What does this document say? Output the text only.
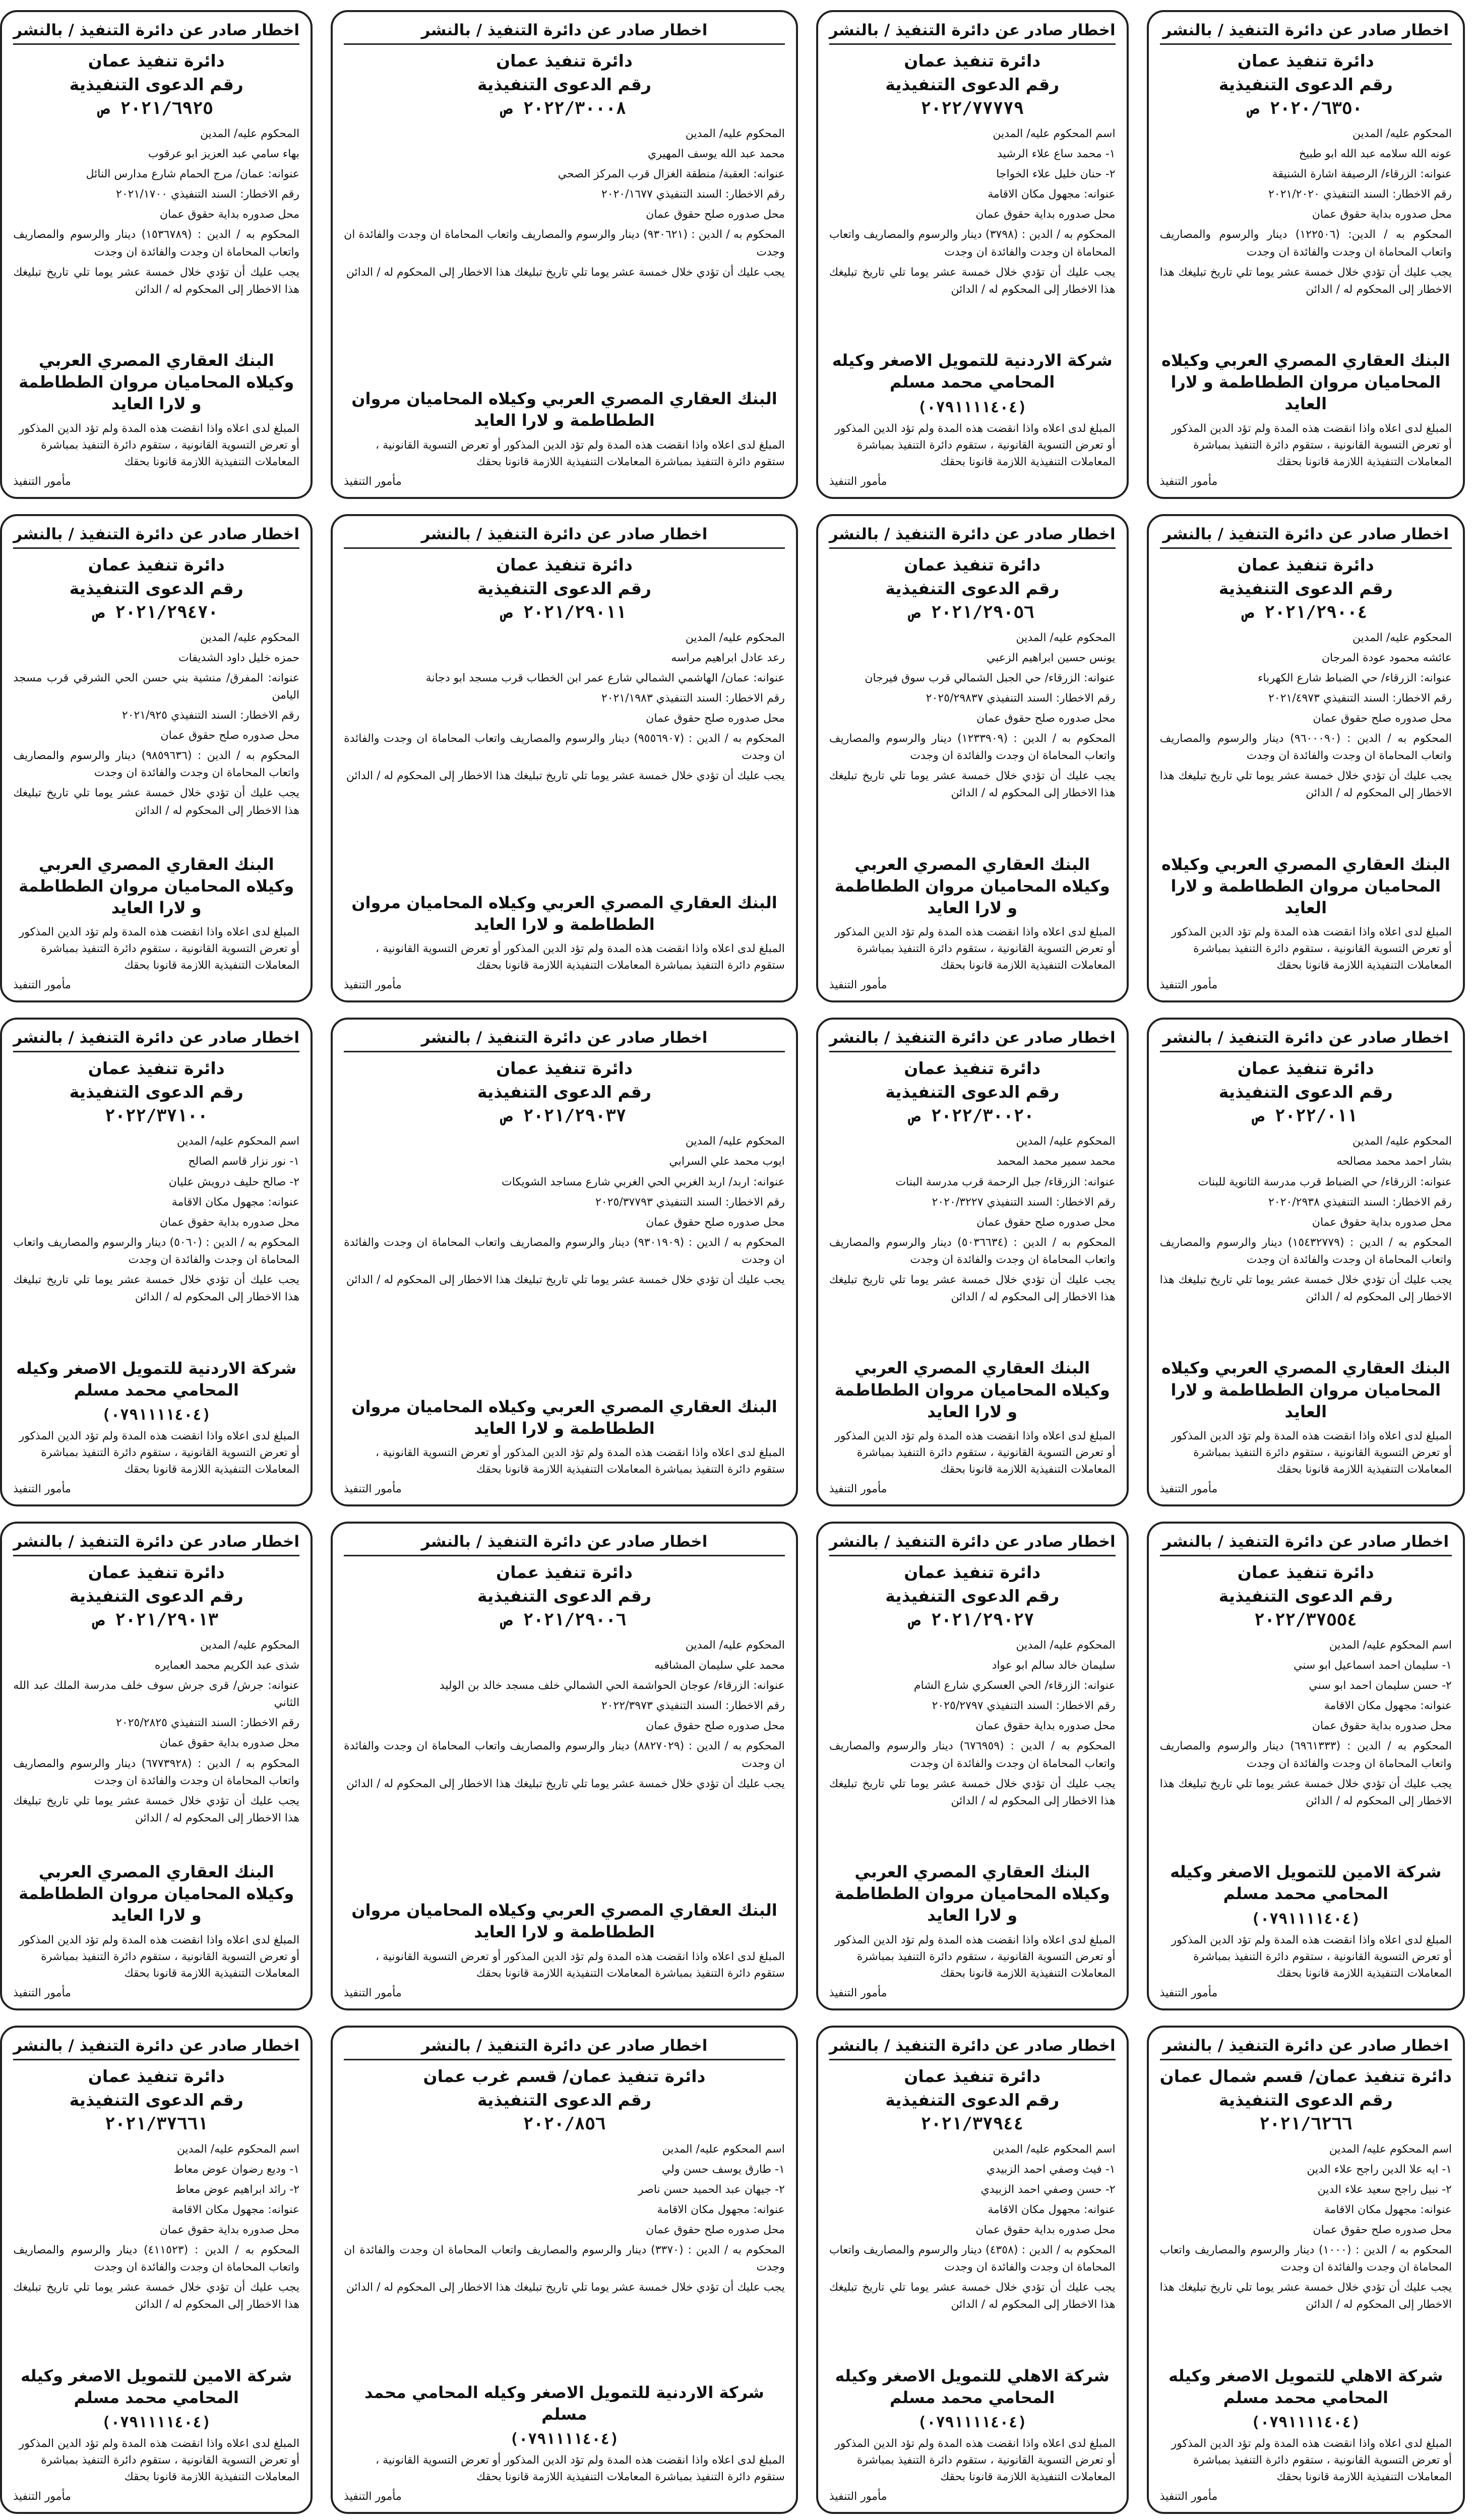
اخطار صادر عن دائرة التنفيذ / بالنشر
دائرة تنفيذ عمان
رقم الدعوى التنفيذية
٢٠٢٠/٦٣٥٠ ص

المحكوم عليه/ المدين

عونه الله سلامه عبد الله ابو طبيخ

عنوانه: الزرقاء/ الرصيفة اشارة الشنيقة

رقم الاخطار: السند التنفيذي ٢٠٢١/٢٠٢٠

محل صدوره بداية حقوق عمان

المحكوم به / الدين: (١٢٢٥٠٦) دينار والرسوم والمصاريف واتعاب المحاماة ان وجدت والفائدة ان وجدت

يجب عليك أن تؤدي خلال خمسة عشر يوما تلي تاريخ تبليغك هذا الاخطار إلى المحكوم له / الدائن

البنك العقاري المصري العربي وكيلاه المحاميان مروان الططاطمة و لارا العايد
المبلغ لدى اعلاه واذا انقضت هذه المدة ولم تؤد الدين المذكور أو تعرض التسوية القانونية ، ستقوم دائرة التنفيذ بمباشرة المعاملات التنفيذية اللازمة قانونا بحقك
مأمور التنفيذ
اخطار صادر عن دائرة التنفيذ / بالنشر
دائرة تنفيذ عمان
رقم الدعوى التنفيذية
٢٠٢٢/٧٧٧٧٩

اسم المحكوم عليه/ المدين

١- محمد ساع علاء الرشيد

٢- حنان خليل علاء الخواجا

عنوانه: مجهول مكان الاقامة

محل صدوره بداية حقوق عمان

المحكوم به / الدين : (٣٧٩٨) دينار والرسوم والمصاريف واتعاب المحاماة ان وجدت والفائدة ان وجدت

يجب عليك أن تؤدي خلال خمسة عشر يوما تلي تاريخ تبليغك هذا الاخطار إلى المحكوم له / الدائن

شركة الاردنية للتمويل الاصغر وكيله المحامي محمد مسلم
(٠٧٩١١١١٤٠٤)
المبلغ لدى اعلاه واذا انقضت هذه المدة ولم تؤد الدين المذكور أو تعرض التسوية القانونية ، ستقوم دائرة التنفيذ بمباشرة المعاملات التنفيذية اللازمة قانونا بحقك
مأمور التنفيذ
اخطار صادر عن دائرة التنفيذ / بالنشر
دائرة تنفيذ عمان
رقم الدعوى التنفيذية
٢٠٢٢/٣٠٠٠٨ ص

المحكوم عليه/ المدين

محمد عبد الله يوسف المهيري

عنوانه: العقبة/ منطقة الغزال قرب المركز الصحي

رقم الاخطار: السند التنفيذي ٢٠٢٠/١٦٧٧

محل صدوره صلح حقوق عمان

المحكوم به / الدين : (٩٣٠٦٢١) دينار والرسوم والمصاريف واتعاب المحاماة ان وجدت والفائدة ان وجدت

يجب عليك أن تؤدي خلال خمسة عشر يوما تلي تاريخ تبليغك هذا الاخطار إلى المحكوم له / الدائن

البنك العقاري المصري العربي وكيلاه المحاميان مروان الططاطمة و لارا العايد
المبلغ لدى اعلاه واذا انقضت هذه المدة ولم تؤد الدين المذكور أو تعرض التسوية القانونية ، ستقوم دائرة التنفيذ بمباشرة المعاملات التنفيذية اللازمة قانونا بحقك
مأمور التنفيذ
اخطار صادر عن دائرة التنفيذ / بالنشر
دائرة تنفيذ عمان
رقم الدعوى التنفيذية
٢٠٢١/٦٩٢٥ ص

المحكوم عليه/ المدين

بهاء سامي عبد العزيز ابو عرقوب

عنوانه: عمان/ مرج الحمام شارع مدارس النائل

رقم الاخطار: السند التنفيذي ٢٠٢١/١٧٠٠

محل صدوره بداية حقوق عمان

المحكوم به / الدين : (١٥٣٦٧٨٩) دينار والرسوم والمصاريف واتعاب المحاماة ان وجدت والفائدة ان وجدت

يجب عليك أن تؤدي خلال خمسة عشر يوما تلي تاريخ تبليغك هذا الاخطار إلى المحكوم له / الدائن

البنك العقاري المصري العربي وكيلاه المحاميان مروان الططاطمة و لارا العايد
المبلغ لدى اعلاه واذا انقضت هذه المدة ولم تؤد الدين المذكور أو تعرض التسوية القانونية ، ستقوم دائرة التنفيذ بمباشرة المعاملات التنفيذية اللازمة قانونا بحقك
مأمور التنفيذ
اخطار صادر عن دائرة التنفيذ / بالنشر
دائرة تنفيذ عمان
رقم الدعوى التنفيذية
٢٠٢١/٢٩٠٠٤ ص

المحكوم عليه/ المدين

عائشه محمود عودة المرجان

عنوانه: الزرقاء/ حي الضباط شارع الكهرباء

رقم الاخطار: السند التنفيذي ٢٠٢١/٤٩٧٣

محل صدوره صلح حقوق عمان

المحكوم به / الدين : (٩٦٠٠٠٩٠) دينار والرسوم والمصاريف واتعاب المحاماة ان وجدت والفائدة ان وجدت

يجب عليك أن تؤدي خلال خمسة عشر يوما تلي تاريخ تبليغك هذا الاخطار إلى المحكوم له / الدائن

البنك العقاري المصري العربي وكيلاه المحاميان مروان الططاطمة و لارا العايد
المبلغ لدى اعلاه واذا انقضت هذه المدة ولم تؤد الدين المذكور أو تعرض التسوية القانونية ، ستقوم دائرة التنفيذ بمباشرة المعاملات التنفيذية اللازمة قانونا بحقك
مأمور التنفيذ
اخطار صادر عن دائرة التنفيذ / بالنشر
دائرة تنفيذ عمان
رقم الدعوى التنفيذية
٢٠٢١/٢٩٠٥٦ ص

المحكوم عليه/ المدين

يونس حسين ابراهيم الزعبي

عنوانه: الزرقاء/ حي الجبل الشمالي قرب سوق فيرجان

رقم الاخطار: السند التنفيذي ٢٠٢٥/٢٩٨٣٧

محل صدوره صلح حقوق عمان

المحكوم به / الدين : (١٢٣٣٩٠٩) دينار والرسوم والمصاريف واتعاب المحاماة ان وجدت والفائدة ان وجدت

يجب عليك أن تؤدي خلال خمسة عشر يوما تلي تاريخ تبليغك هذا الاخطار إلى المحكوم له / الدائن

البنك العقاري المصري العربي وكيلاه المحاميان مروان الططاطمة و لارا العايد
المبلغ لدى اعلاه واذا انقضت هذه المدة ولم تؤد الدين المذكور أو تعرض التسوية القانونية ، ستقوم دائرة التنفيذ بمباشرة المعاملات التنفيذية اللازمة قانونا بحقك
مأمور التنفيذ
اخطار صادر عن دائرة التنفيذ / بالنشر
دائرة تنفيذ عمان
رقم الدعوى التنفيذية
٢٠٢١/٢٩٠١١ ص

المحكوم عليه/ المدين

رعد عادل ابراهيم مراسه

عنوانه: عمان/ الهاشمي الشمالي شارع عمر ابن الخطاب قرب مسجد ابو دجانة

رقم الاخطار: السند التنفيذي ٢٠٢١/١٩٨٣

محل صدوره صلح حقوق عمان

المحكوم به / الدين : (٩٥٥٦٩٠٧) دينار والرسوم والمصاريف واتعاب المحاماة ان وجدت والفائدة ان وجدت

يجب عليك أن تؤدي خلال خمسة عشر يوما تلي تاريخ تبليغك هذا الاخطار إلى المحكوم له / الدائن

البنك العقاري المصري العربي وكيلاه المحاميان مروان الططاطمة و لارا العايد
المبلغ لدى اعلاه واذا انقضت هذه المدة ولم تؤد الدين المذكور أو تعرض التسوية القانونية ، ستقوم دائرة التنفيذ بمباشرة المعاملات التنفيذية اللازمة قانونا بحقك
مأمور التنفيذ
اخطار صادر عن دائرة التنفيذ / بالنشر
دائرة تنفيذ عمان
رقم الدعوى التنفيذية
٢٠٢١/٢٩٤٧٠ ص

المحكوم عليه/ المدين

حمزه خليل داود الشديفات

عنوانه: المفرق/ منشية بني حسن الحي الشرقي قرب مسجد اليامن

رقم الاخطار: السند التنفيذي ٢٠٢١/٩٢٥

محل صدوره صلح حقوق عمان

المحكوم به / الدين : (٩٨٥٩٦٣٦) دينار والرسوم والمصاريف واتعاب المحاماة ان وجدت والفائدة ان وجدت

يجب عليك أن تؤدي خلال خمسة عشر يوما تلي تاريخ تبليغك هذا الاخطار إلى المحكوم له / الدائن

البنك العقاري المصري العربي وكيلاه المحاميان مروان الططاطمة و لارا العايد
المبلغ لدى اعلاه واذا انقضت هذه المدة ولم تؤد الدين المذكور أو تعرض التسوية القانونية ، ستقوم دائرة التنفيذ بمباشرة المعاملات التنفيذية اللازمة قانونا بحقك
مأمور التنفيذ
اخطار صادر عن دائرة التنفيذ / بالنشر
دائرة تنفيذ عمان
رقم الدعوى التنفيذية
٢٠٢٢/٠١١ ص

المحكوم عليه/ المدين

بشار احمد محمد مصالحه

عنوانه: الزرقاء/ حي الضباط قرب مدرسة الثانوية للبنات

رقم الاخطار: السند التنفيذي ٢٠٢٠/٢٩٣٨

محل صدوره بداية حقوق عمان

المحكوم به / الدين : (١٥٤٣٢٧٧٩) دينار والرسوم والمصاريف واتعاب المحاماة ان وجدت والفائدة ان وجدت

يجب عليك أن تؤدي خلال خمسة عشر يوما تلي تاريخ تبليغك هذا الاخطار إلى المحكوم له / الدائن

البنك العقاري المصري العربي وكيلاه المحاميان مروان الططاطمة و لارا العايد
المبلغ لدى اعلاه واذا انقضت هذه المدة ولم تؤد الدين المذكور أو تعرض التسوية القانونية ، ستقوم دائرة التنفيذ بمباشرة المعاملات التنفيذية اللازمة قانونا بحقك
مأمور التنفيذ
اخطار صادر عن دائرة التنفيذ / بالنشر
دائرة تنفيذ عمان
رقم الدعوى التنفيذية
٢٠٢٢/٣٠٠٢٠ ص

المحكوم عليه/ المدين

محمد سمير محمد المحمد

عنوانه: الزرقاء/ جبل الرحمة قرب مدرسة البنات

رقم الاخطار: السند التنفيذي ٢٠٢٠/٣٢٢٧

محل صدوره صلح حقوق عمان

المحكوم به / الدين : (٥٠٣٦٦٣٤) دينار والرسوم والمصاريف واتعاب المحاماة ان وجدت والفائدة ان وجدت

يجب عليك أن تؤدي خلال خمسة عشر يوما تلي تاريخ تبليغك هذا الاخطار إلى المحكوم له / الدائن

البنك العقاري المصري العربي وكيلاه المحاميان مروان الططاطمة و لارا العايد
المبلغ لدى اعلاه واذا انقضت هذه المدة ولم تؤد الدين المذكور أو تعرض التسوية القانونية ، ستقوم دائرة التنفيذ بمباشرة المعاملات التنفيذية اللازمة قانونا بحقك
مأمور التنفيذ
اخطار صادر عن دائرة التنفيذ / بالنشر
دائرة تنفيذ عمان
رقم الدعوى التنفيذية
٢٠٢١/٢٩٠٣٧ ص

المحكوم عليه/ المدين

ايوب محمد علي السرابي

عنوانه: اربد/ اربد الغربي الحي الغربي شارع مساجد الشويكات

رقم الاخطار: السند التنفيذي ٢٠٢٥/٣٧٧٩٣

محل صدوره صلح حقوق عمان

المحكوم به / الدين : (٩٣٠١٩٠٩) دينار والرسوم والمصاريف واتعاب المحاماة ان وجدت والفائدة ان وجدت

يجب عليك أن تؤدي خلال خمسة عشر يوما تلي تاريخ تبليغك هذا الاخطار إلى المحكوم له / الدائن

البنك العقاري المصري العربي وكيلاه المحاميان مروان الططاطمة و لارا العايد
المبلغ لدى اعلاه واذا انقضت هذه المدة ولم تؤد الدين المذكور أو تعرض التسوية القانونية ، ستقوم دائرة التنفيذ بمباشرة المعاملات التنفيذية اللازمة قانونا بحقك
مأمور التنفيذ
اخطار صادر عن دائرة التنفيذ / بالنشر
دائرة تنفيذ عمان
رقم الدعوى التنفيذية
٢٠٢٢/٣٧١٠٠

اسم المحكوم عليه/ المدين

١- نور نزار قاسم الصالح

٢- صالح حليف درويش عليان

عنوانه: مجهول مكان الاقامة

محل صدوره بداية حقوق عمان

المحكوم به / الدين : (٥٠٦٠) دينار والرسوم والمصاريف واتعاب المحاماة ان وجدت والفائدة ان وجدت

يجب عليك أن تؤدي خلال خمسة عشر يوما تلي تاريخ تبليغك هذا الاخطار إلى المحكوم له / الدائن

شركة الاردنية للتمويل الاصغر وكيله المحامي محمد مسلم
(٠٧٩١١١١٤٠٤)
المبلغ لدى اعلاه واذا انقضت هذه المدة ولم تؤد الدين المذكور أو تعرض التسوية القانونية ، ستقوم دائرة التنفيذ بمباشرة المعاملات التنفيذية اللازمة قانونا بحقك
مأمور التنفيذ
اخطار صادر عن دائرة التنفيذ / بالنشر
دائرة تنفيذ عمان
رقم الدعوى التنفيذية
٢٠٢٢/٣٧٥٥٤

اسم المحكوم عليه/ المدين

١- سليمان احمد اسماعيل ابو سني

٢- حسن سليمان احمد ابو سني

عنوانه: مجهول مكان الاقامة

محل صدوره بداية حقوق عمان

المحكوم به / الدين : (٦٩٦١٣٣٣) دينار والرسوم والمصاريف واتعاب المحاماة ان وجدت والفائدة ان وجدت

يجب عليك أن تؤدي خلال خمسة عشر يوما تلي تاريخ تبليغك هذا الاخطار إلى المحكوم له / الدائن

شركة الامين للتمويل الاصغر وكيله المحامي محمد مسلم
(٠٧٩١١١١٤٠٤)
المبلغ لدى اعلاه واذا انقضت هذه المدة ولم تؤد الدين المذكور أو تعرض التسوية القانونية ، ستقوم دائرة التنفيذ بمباشرة المعاملات التنفيذية اللازمة قانونا بحقك
مأمور التنفيذ
اخطار صادر عن دائرة التنفيذ / بالنشر
دائرة تنفيذ عمان
رقم الدعوى التنفيذية
٢٠٢١/٢٩٠٢٧ ص

المحكوم عليه/ المدين

سليمان خالد سالم ابو عواد

عنوانه: الزرقاء/ الحي العسكري شارع الشام

رقم الاخطار: السند التنفيذي ٢٠٢٥/٢٧٩٧

محل صدوره بداية حقوق عمان

المحكوم به / الدين : (٦٧٦٩٥٩) دينار والرسوم والمصاريف واتعاب المحاماة ان وجدت والفائدة ان وجدت

يجب عليك أن تؤدي خلال خمسة عشر يوما تلي تاريخ تبليغك هذا الاخطار إلى المحكوم له / الدائن

البنك العقاري المصري العربي وكيلاه المحاميان مروان الططاطمة و لارا العايد
المبلغ لدى اعلاه واذا انقضت هذه المدة ولم تؤد الدين المذكور أو تعرض التسوية القانونية ، ستقوم دائرة التنفيذ بمباشرة المعاملات التنفيذية اللازمة قانونا بحقك
مأمور التنفيذ
اخطار صادر عن دائرة التنفيذ / بالنشر
دائرة تنفيذ عمان
رقم الدعوى التنفيذية
٢٠٢١/٢٩٠٠٦ ص

المحكوم عليه/ المدين

محمد علي سليمان المشاقبه

عنوانه: الزرقاء/ عوجان الحواشمة الحي الشمالي خلف مسجد خالد بن الوليد

رقم الاخطار: السند التنفيذي ٢٠٢٢/٣٩٧٣

محل صدوره صلح حقوق عمان

المحكوم به / الدين : (٨٨٢٧٠٢٩) دينار والرسوم والمصاريف واتعاب المحاماة ان وجدت والفائدة ان وجدت

يجب عليك أن تؤدي خلال خمسة عشر يوما تلي تاريخ تبليغك هذا الاخطار إلى المحكوم له / الدائن

البنك العقاري المصري العربي وكيلاه المحاميان مروان الططاطمة و لارا العايد
المبلغ لدى اعلاه واذا انقضت هذه المدة ولم تؤد الدين المذكور أو تعرض التسوية القانونية ، ستقوم دائرة التنفيذ بمباشرة المعاملات التنفيذية اللازمة قانونا بحقك
مأمور التنفيذ
اخطار صادر عن دائرة التنفيذ / بالنشر
دائرة تنفيذ عمان
رقم الدعوى التنفيذية
٢٠٢١/٢٩٠١٣ ص

المحكوم عليه/ المدين

شذى عبد الكريم محمد العمايره

عنوانه: جرش/ قرى جرش سوف خلف مدرسة الملك عبد الله الثاني

رقم الاخطار: السند التنفيذي ٢٠٢٥/٢٨٢٥

محل صدوره بداية حقوق عمان

المحكوم به / الدين : (٦٧٧٣٩٢٨) دينار والرسوم والمصاريف واتعاب المحاماة ان وجدت والفائدة ان وجدت

يجب عليك أن تؤدي خلال خمسة عشر يوما تلي تاريخ تبليغك هذا الاخطار إلى المحكوم له / الدائن

البنك العقاري المصري العربي وكيلاه المحاميان مروان الططاطمة و لارا العايد
المبلغ لدى اعلاه واذا انقضت هذه المدة ولم تؤد الدين المذكور أو تعرض التسوية القانونية ، ستقوم دائرة التنفيذ بمباشرة المعاملات التنفيذية اللازمة قانونا بحقك
مأمور التنفيذ
اخطار صادر عن دائرة التنفيذ / بالنشر
دائرة تنفيذ عمان/ قسم شمال عمان
رقم الدعوى التنفيذية
٢٠٢١/٦٢٦٦

اسم المحكوم عليه/ المدين

١- ايه علا الدين راجح علاء الدين

٢- نبيل راجح سعيد علاء الدين

عنوانه: مجهول مكان الاقامة

محل صدوره صلح حقوق عمان

المحكوم به / الدين : (١٠٠٠) دينار والرسوم والمصاريف واتعاب المحاماة ان وجدت والفائدة ان وجدت

يجب عليك أن تؤدي خلال خمسة عشر يوما تلي تاريخ تبليغك هذا الاخطار إلى المحكوم له / الدائن

شركة الاهلي للتمويل الاصغر وكيله المحامي محمد مسلم
(٠٧٩١١١١٤٠٤)
المبلغ لدى اعلاه واذا انقضت هذه المدة ولم تؤد الدين المذكور أو تعرض التسوية القانونية ، ستقوم دائرة التنفيذ بمباشرة المعاملات التنفيذية اللازمة قانونا بحقك
مأمور التنفيذ
اخطار صادر عن دائرة التنفيذ / بالنشر
دائرة تنفيذ عمان
رقم الدعوى التنفيذية
٢٠٢١/٣٧٩٤٤

اسم المحكوم عليه/ المدين

١- فيث وصفي احمد الزبيدي

٢- حسن وصفي احمد الزبيدي

عنوانه: مجهول مكان الاقامة

محل صدوره بداية حقوق عمان

المحكوم به / الدين : (٤٣٥٨) دينار والرسوم والمصاريف واتعاب المحاماة ان وجدت والفائدة ان وجدت

يجب عليك أن تؤدي خلال خمسة عشر يوما تلي تاريخ تبليغك هذا الاخطار إلى المحكوم له / الدائن

شركة الاهلي للتمويل الاصغر وكيله المحامي محمد مسلم
(٠٧٩١١١١٤٠٤)
المبلغ لدى اعلاه واذا انقضت هذه المدة ولم تؤد الدين المذكور أو تعرض التسوية القانونية ، ستقوم دائرة التنفيذ بمباشرة المعاملات التنفيذية اللازمة قانونا بحقك
مأمور التنفيذ
اخطار صادر عن دائرة التنفيذ / بالنشر
دائرة تنفيذ عمان/ قسم غرب عمان
رقم الدعوى التنفيذية
٢٠٢٠/٨٥٦

اسم المحكوم عليه/ المدين

١- طارق يوسف حسن ولي

٢- جيهان عبد الحميد حسن ناصر

عنوانه: مجهول مكان الاقامة

محل صدوره صلح حقوق عمان

المحكوم به / الدين : (٣٣٧٠) دينار والرسوم والمصاريف واتعاب المحاماة ان وجدت والفائدة ان وجدت

يجب عليك أن تؤدي خلال خمسة عشر يوما تلي تاريخ تبليغك هذا الاخطار إلى المحكوم له / الدائن

شركة الاردنية للتمويل الاصغر وكيله المحامي محمد مسلم
(٠٧٩١١١١٤٠٤)
المبلغ لدى اعلاه واذا انقضت هذه المدة ولم تؤد الدين المذكور أو تعرض التسوية القانونية ، ستقوم دائرة التنفيذ بمباشرة المعاملات التنفيذية اللازمة قانونا بحقك
مأمور التنفيذ
اخطار صادر عن دائرة التنفيذ / بالنشر
دائرة تنفيذ عمان
رقم الدعوى التنفيذية
٢٠٢١/٣٧٦٦١

اسم المحكوم عليه/ المدين

١- وديع رضوان عوض معاط

٢- رائد ابراهيم عوض معاط

عنوانه: مجهول مكان الاقامة

محل صدوره بداية حقوق عمان

المحكوم به / الدين : (٤١١٥٢٣) دينار والرسوم والمصاريف واتعاب المحاماة ان وجدت والفائدة ان وجدت

يجب عليك أن تؤدي خلال خمسة عشر يوما تلي تاريخ تبليغك هذا الاخطار إلى المحكوم له / الدائن

شركة الامين للتمويل الاصغر وكيله المحامي محمد مسلم
(٠٧٩١١١١٤٠٤)
المبلغ لدى اعلاه واذا انقضت هذه المدة ولم تؤد الدين المذكور أو تعرض التسوية القانونية ، ستقوم دائرة التنفيذ بمباشرة المعاملات التنفيذية اللازمة قانونا بحقك
مأمور التنفيذ
